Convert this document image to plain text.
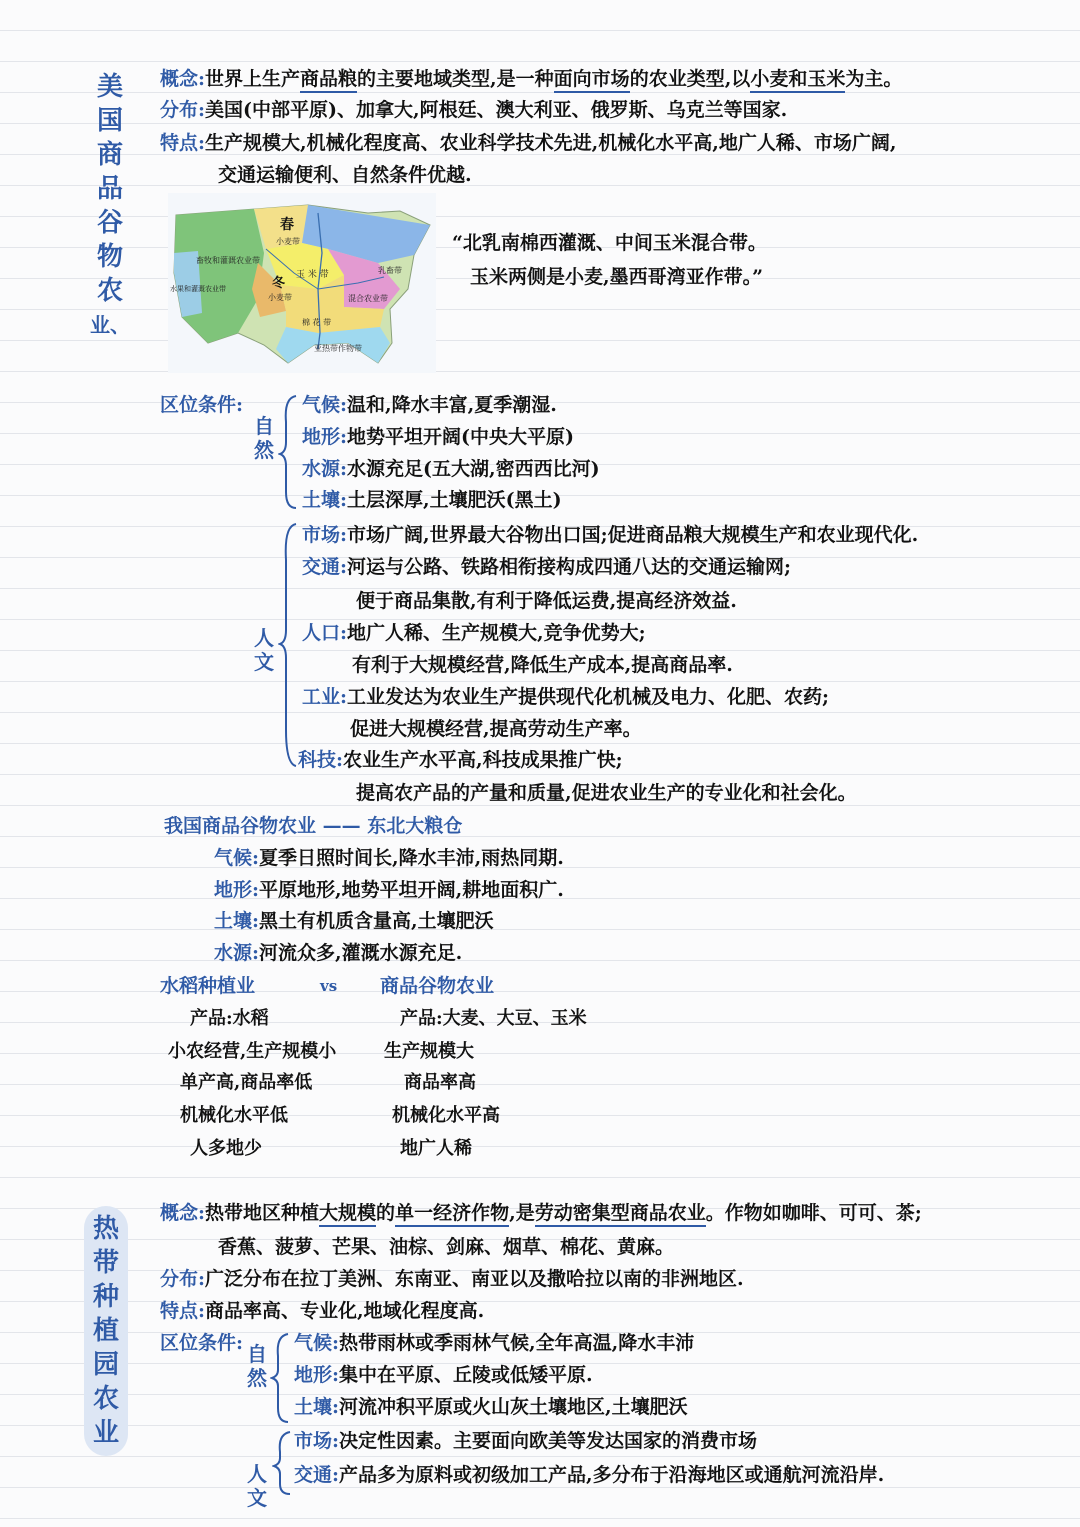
美
国
商
品
谷
物
农
业、
概念:世界上生产商品粮的主要地域类型,是一种面向市场的农业类型,以小麦和玉米为主。
分布:美国(中部平原)、加拿大,阿根廷、澳大利亚、俄罗斯、乌克兰等国家.
特点:生产规模大,机械化程度高、农业科学技术先进,机械化水平高,地广人稀、市场广阔,
交通运输便利、自然条件优越.
春
小麦带
冬
小麦带
畜牧和灌溉农业带
水果和灌溉农业带
玉 米 带	乳畜带
混合农业带
棉 花 带
亚热带作物带
“北乳南棉西灌溉、中间玉米混合带。
玉米两侧是小麦,墨西哥湾亚作带。”
区位条件:
自
然
气候:温和,降水丰富,夏季潮湿.
地形:地势平坦开阔(中央大平原)
水源:水源充足(五大湖,密西西比河)
土壤:土层深厚,土壤肥沃(黑土)
人
文
市场:市场广阔,世界最大谷物出口国;促进商品粮大规模生产和农业现代化.
交通:河运与公路、铁路相衔接构成四通八达的交通运输网;
便于商品集散,有利于降低运费,提高经济效益.
人口:地广人稀、生产规模大,竞争优势大;
有利于大规模经营,降低生产成本,提高商品率.
工业:工业发达为农业生产提供现代化机械及电力、化肥、农药;
促进大规模经营,提高劳动生产率。
科技:农业生产水平高,科技成果推广快;
提高农产品的产量和质量,促进农业生产的专业化和社会化。
我国商品谷物农业 —— 东北大粮仓
气候:夏季日照时间长,降水丰沛,雨热同期.
地形:平原地形,地势平坦开阔,耕地面积广.
土壤:黑土有机质含量高,土壤肥沃
水源:河流众多,灌溉水源充足.
水稻种植业	vs 商品谷物农业
产品:水稻
小农经营,生产规模小
单产高,商品率低
机械化水平低
人多地少
产品:大麦、大豆、玉米
生产规模大
商品率高
机械化水平高
地广人稀
热
带
种
植
园
农
业
概念:热带地区种植大规模的单一经济作物,是劳动密集型商品农业。作物如咖啡、可可、茶;
香蕉、菠萝、芒果、油棕、剑麻、烟草、棉花、黄麻。
分布:广泛分布在拉丁美洲、东南亚、南亚以及撒哈拉以南的非洲地区.
特点:商品率高、专业化,地域化程度高.
区位条件: 自
然
气候:热带雨林或季雨林气候,全年高温,降水丰沛
地形:集中在平原、丘陵或低矮平原.
土壤:河流冲积平原或火山灰土壤地区,土壤肥沃
人
文
市场:决定性因素。主要面向欧美等发达国家的消费市场
交通:产品多为原料或初级加工产品,多分布于沿海地区或通航河流沿岸.
